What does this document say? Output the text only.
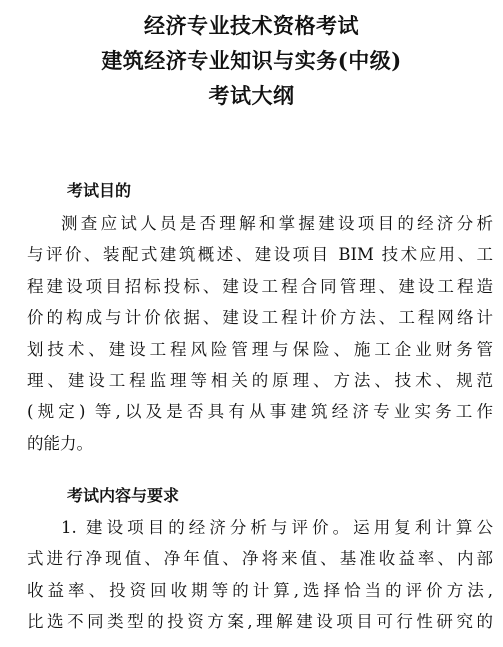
经济专业技术资格考试
建筑经济专业知识与实务(中级)
考试大纲
考试目的
测查应试人员是否理解和掌握建设项目的经济分析
与评价、装配式建筑概述、建设项目 BIM 技术应用、工
程建设项目招标投标、建设工程合同管理、建设工程造
价的构成与计价依据、建设工程计价方法、工程网络计
划技术、建设工程风险管理与保险、施工企业财务管
理、建设工程监理等相关的原理、方法、技术、规范
(规定) 等,以及是否具有从事建筑经济专业实务工作
的能力。
考试内容与要求
1. 建设项目的经济分析与评价。运用复利计算公
式进行净现值、净年值、净将来值、基准收益率、内部
收益率、投资回收期等的计算,选择恰当的评价方法,
比选不同类型的投资方案,理解建设项目可行性研究的
